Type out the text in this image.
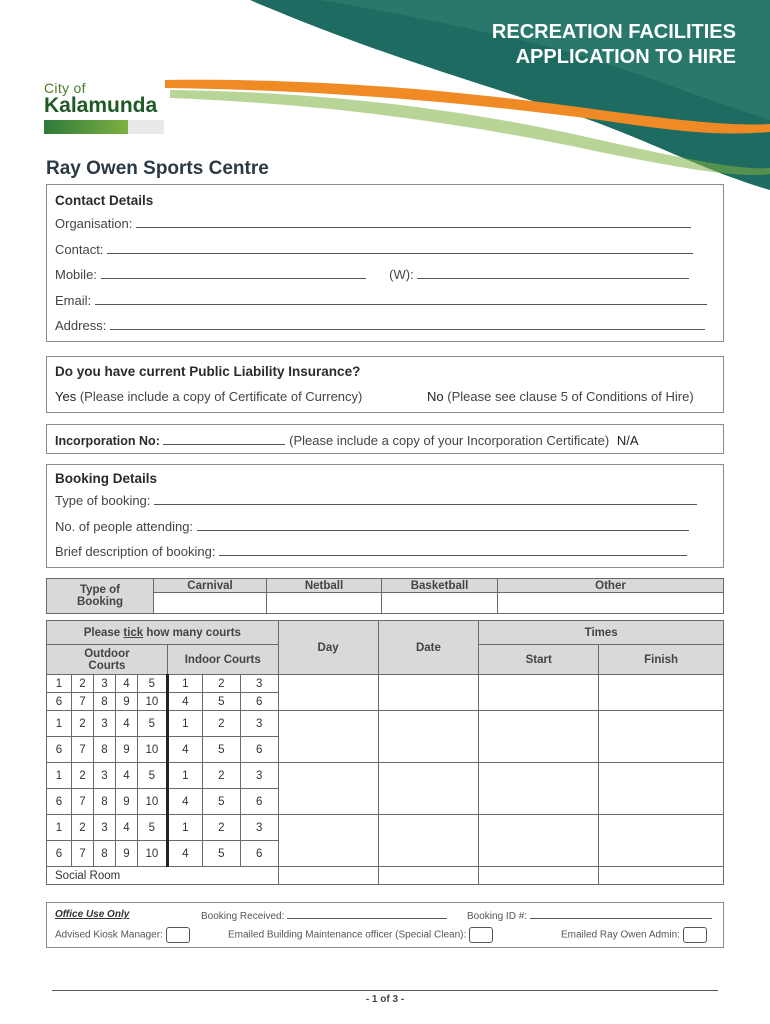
RECREATION FACILITIES
APPLICATION TO HIRE
City of
Kalamunda
Ray Owen Sports Centre
Contact Details
Organisation:
Contact:
Mobile:	(W):
Email:
Address:
Do you have current Public Liability Insurance?
Yes (Please include a copy of Certificate of Currency)	No (Please see clause 5 of Conditions of Hire)
Incorporation No:	(Please include a copy of your Incorporation Certificate) N/A
Booking Details
Type of booking:
No. of people attending:
Brief description of booking:
Type of Booking	Carnival	Netball	Basketball	Other

Please tick how many courts								Day	Date	Times	
Outdoor Courts					Indoor Courts					Start	Finish
1	2	3	4	5	1	2	3				
6	7	8	9	10	4	5	6				
1	2	3	4	5	1	2	3				
6	7	8	9	10	4	5	6				
1	2	3	4	5	1	2	3				
6	7	8	9	10	4	5	6				
1	2	3	4	5	1	2	3				
6	7	8	9	10	4	5	6				
Social Room											
Office Use Only	Booking Received:	Booking ID #:
Advised Kiosk Manager:	Emailed Building Maintenance officer (Special Clean):	Emailed Ray Owen Admin:
- 1 of 3 -
